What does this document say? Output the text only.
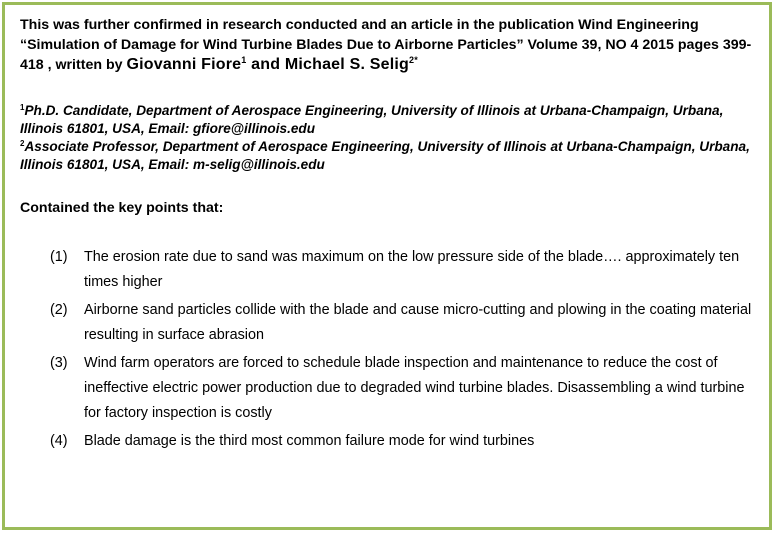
This was further confirmed in research conducted and an article in the publication Wind Engineering “Simulation of Damage for Wind Turbine Blades Due to Airborne Particles” Volume 39, NO 4 2015 pages 399-418 , written by Giovanni Fiore$^1$ and Michael S. Selig$^{2*}$

$^1$Ph.D. Candidate, Department of Aerospace Engineering, University of Illinois at Urbana-Champaign, Urbana, Illinois 61801, USA, Email: gfiore@illinois.edu

$^2$Associate Professor, Department of Aerospace Engineering, University of Illinois at Urbana-Champaign, Urbana, Illinois 61801, USA, Email: m-selig@illinois.edu

Contained the key points that:
(1) The erosion rate due to sand was maximum on the low pressure side of the blade…. approximately ten times higher
(2) Airborne sand particles collide with the blade and cause micro-cutting and plowing in the coating material resulting in surface abrasion
(3) Wind farm operators are forced to schedule blade inspection and maintenance to reduce the cost of ineffective electric power production due to degraded wind turbine blades. Disassembling a wind turbine for factory inspection is costly
(4) Blade damage is the third most common failure mode for wind turbines
